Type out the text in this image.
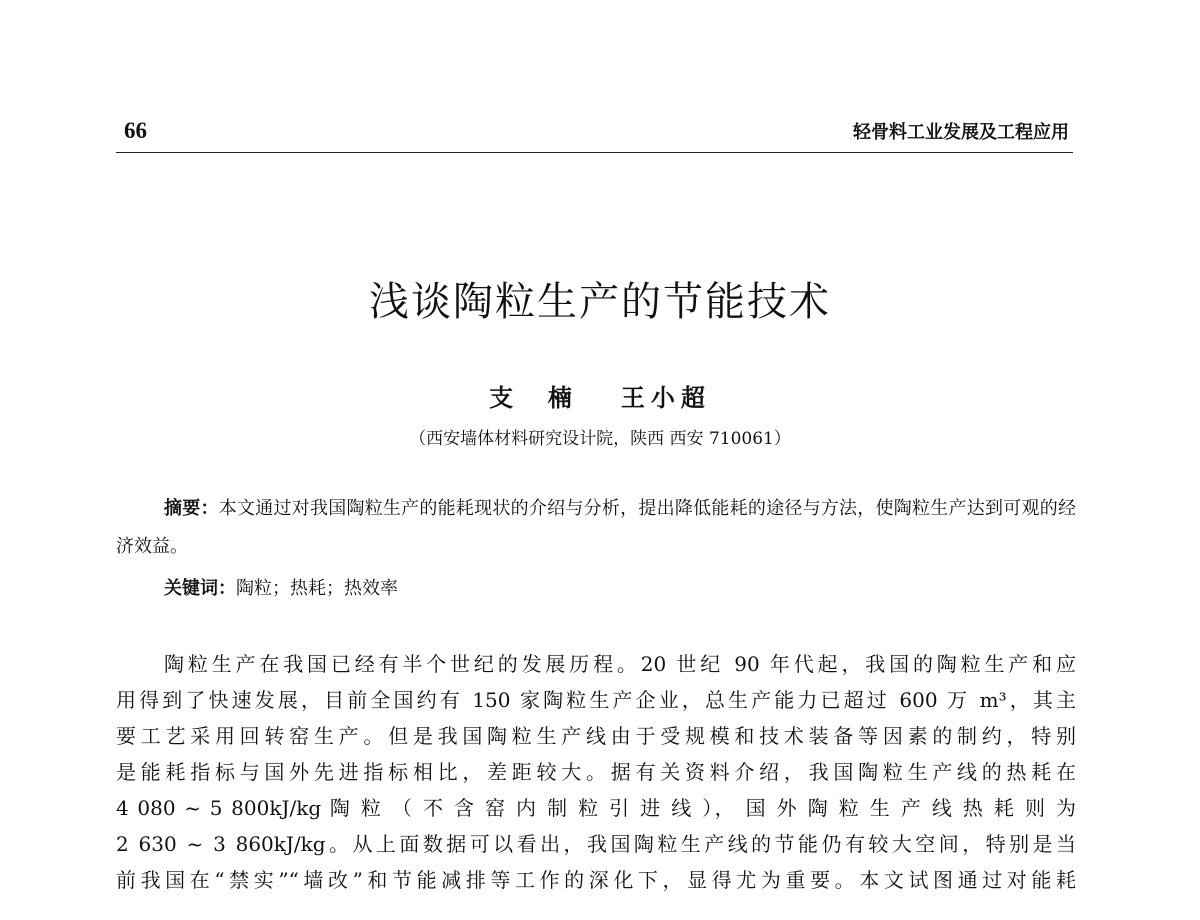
66	轻骨料工业发展及工程应用
浅谈陶粒生产的节能技术
支  楠   王小超
（西安墙体材料研究设计院，陕西 西安 710061）

摘要：本文通过对我国陶粒生产的能耗现状的介绍与分析，提出降低能耗的途径与方法，使陶粒生产达到可观的经济效益。

关键词：陶粒；热耗；热效率
陶粒生产在我国已经有半个世纪的发展历程。20 世纪 90 年代起，我国的陶粒生产和应
用得到了快速发展，目前全国约有 150 家陶粒生产企业，总生产能力已超过 600 万 m³，其主
要工艺采用回转窑生产。但是我国陶粒生产线由于受规模和技术装备等因素的制约，特别
是能耗指标与国外先进指标相比，差距较大。据有关资料介绍，我国陶粒生产线的热耗在
4 080 ~ 5 800kJ/kg 陶 粒 （ 不 含 窑 内 制 粒 引 进 线 ）， 国 外 陶 粒 生 产 线 热 耗 则 为
2 630 ~ 3 860kJ/kg。从上面数据可以看出，我国陶粒生产线的节能仍有较大空间，特别是当
前我国在“禁实”“墙改”和节能减排等工作的深化下，显得尤为重要。本文试图通过对能耗
